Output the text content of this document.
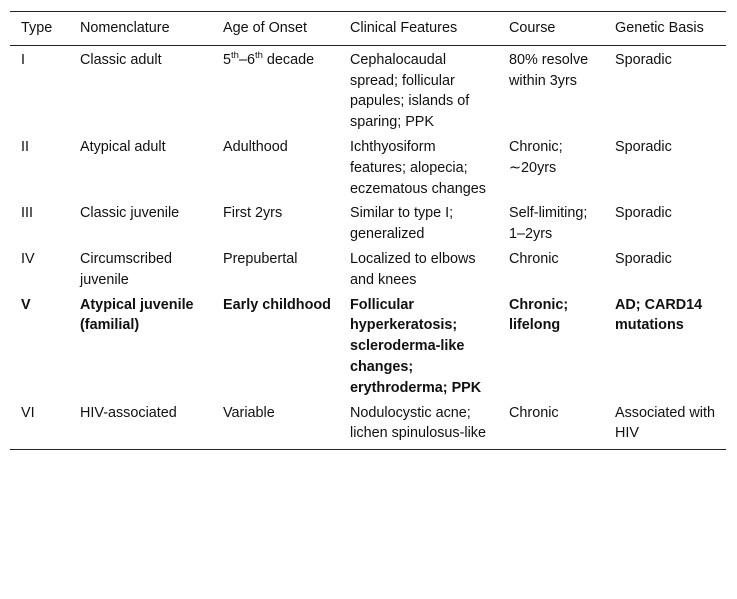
Type	Nomenclature	Age of Onset	Clinical Features	Course	Genetic Basis
I	Classic adult	5th–6th decade	Cephalocaudal spread; follicular papules; islands of sparing; PPK	80% resolve within 3yrs	Sporadic
II	Atypical adult	Adulthood	Ichthyosiform features; alopecia; eczematous changes	Chronic; ∼20yrs	Sporadic
III	Classic juvenile	First 2yrs	Similar to type I; generalized	Self-limiting; 1–2yrs	Sporadic
IV	Circumscribed juvenile	Prepubertal	Localized to elbows and knees	Chronic	Sporadic
V	Atypical juvenile (familial)	Early childhood	Follicular hyperkeratosis; scleroderma-like changes; erythroderma; PPK	Chronic; lifelong	AD; CARD14 mutations
VI	HIV-associated	Variable	Nodulocystic acne; lichen spinulosus-like	Chronic	Associated with HIV
